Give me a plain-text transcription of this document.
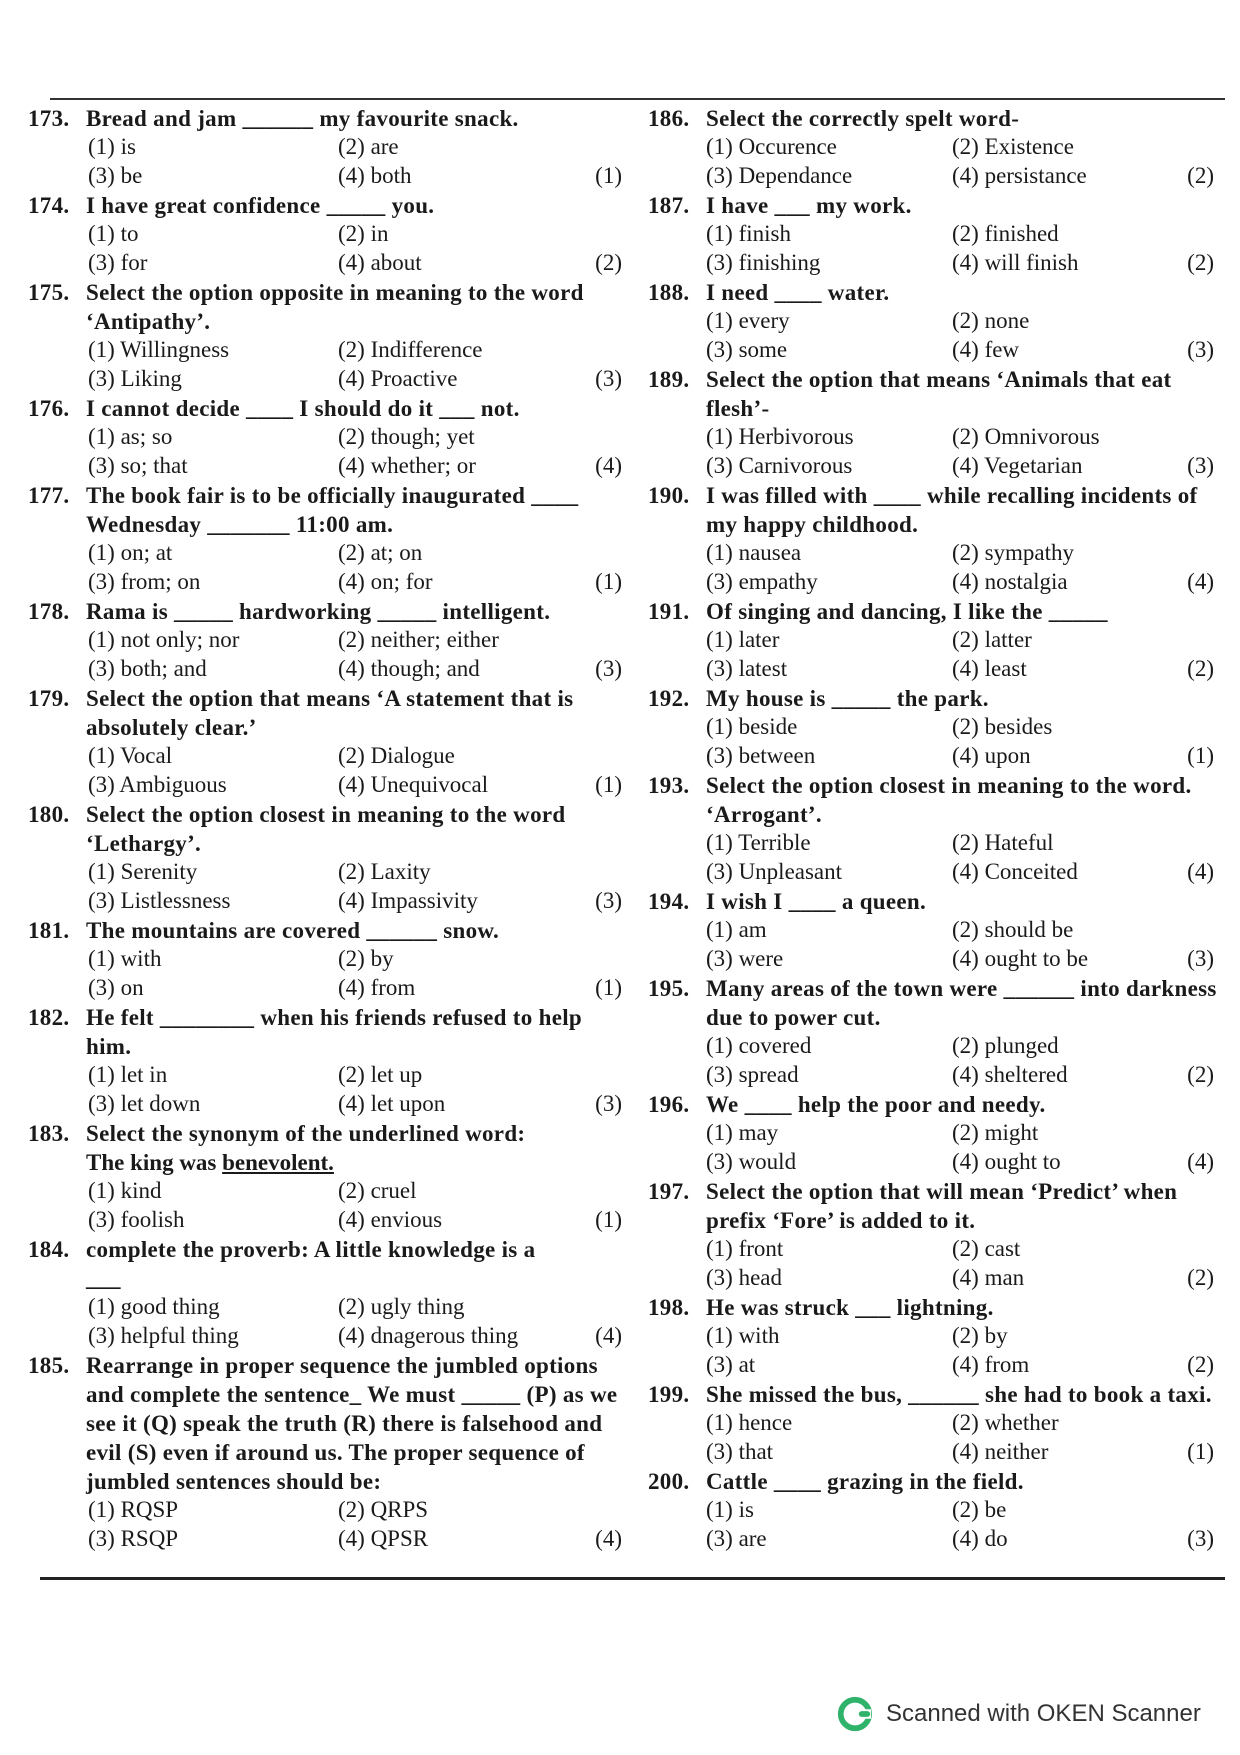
173. Bread and jam ______ my favourite snack.
(1) is	(2) are
(3) be	(4) both	(1)
174. I have great confidence _____ you.
(1) to	(2) in
(3) for	(4) about	(2)
175. Select the option opposite in meaning to the word ‘Antipathy’.
(1) Willingness	(2) Indifference
(3) Liking	(4) Proactive	(3)
176. I cannot decide ____ I should do it ___ not.
(1) as; so	(2) though; yet
(3) so; that	(4) whether; or	(4)
177. The book fair is to be officially inaugurated ____ Wednesday _______ 11:00 am.
(1) on; at	(2) at; on
(3) from; on	(4) on; for	(1)
178. Rama is _____ hardworking _____ intelligent.
(1) not only; nor	(2) neither; either
(3) both; and	(4) though; and	(3)
179. Select the option that means ‘A statement that is absolutely clear.’
(1) Vocal	(2) Dialogue
(3) Ambiguous	(4) Unequivocal	(1)
180. Select the option closest in meaning to the word ‘Lethargy’.
(1) Serenity	(2) Laxity
(3) Listlessness	(4) Impassivity	(3)
181. The mountains are covered ______ snow.
(1) with	(2) by
(3) on	(4) from	(1)
182. He felt ________ when his friends refused to help him.
(1) let in	(2) let up
(3) let down	(4) let upon	(3)
183. Select the synonym of the underlined word:
The king was benevolent.
(1) kind	(2) cruel
(3) foolish	(4) envious	(1)
184. complete the proverb: A little knowledge is a
___
(1) good thing	(2) ugly thing
(3) helpful thing	(4) dnagerous thing	(4)
185. Rearrange in proper sequence the jumbled options and complete the sentence_ We must _____ (P) as we see it (Q) speak the truth (R) there is falsehood and evil (S) even if around us. The proper sequence of jumbled sentences should be:
(1) RQSP	(2) QRPS
(3) RSQP	(4) QPSR	(4)
186. Select the correctly spelt word-
(1) Occurence	(2) Existence
(3) Dependance	(4) persistance	(2)
187. I have ___ my work.
(1) finish	(2) finished
(3) finishing	(4) will finish	(2)
188. I need ____ water.
(1) every	(2) none
(3) some	(4) few	(3)
189. Select the option that means ‘Animals that eat flesh’-
(1) Herbivorous	(2) Omnivorous
(3) Carnivorous	(4) Vegetarian	(3)
190. I was filled with ____ while recalling incidents of my happy childhood.
(1) nausea	(2) sympathy
(3) empathy	(4) nostalgia	(4)
191. Of singing and dancing, I like the _____
(1) later	(2) latter
(3) latest	(4) least	(2)
192. My house is _____ the park.
(1) beside	(2) besides
(3) between	(4) upon	(1)
193. Select the option closest in meaning to the word. ‘Arrogant’.
(1) Terrible	(2) Hateful
(3) Unpleasant	(4) Conceited	(4)
194. I wish I ____ a queen.
(1) am	(2) should be
(3) were	(4) ought to be	(3)
195. Many areas of the town were ______ into darkness due to power cut.
(1) covered	(2) plunged
(3) spread	(4) sheltered	(2)
196. We ____ help the poor and needy.
(1) may	(2) might
(3) would	(4) ought to	(4)
197. Select the option that will mean ‘Predict’ when prefix ‘Fore’ is added to it.
(1) front	(2) cast
(3) head	(4) man	(2)
198. He was struck ___ lightning.
(1) with	(2) by
(3) at	(4) from	(2)
199. She missed the bus, ______ she had to book a taxi.
(1) hence	(2) whether
(3) that	(4) neither	(1)
200. Cattle ____ grazing in the field.
(1) is	(2) be
(3) are	(4) do	(3)
Scanned with OKEN Scanner
